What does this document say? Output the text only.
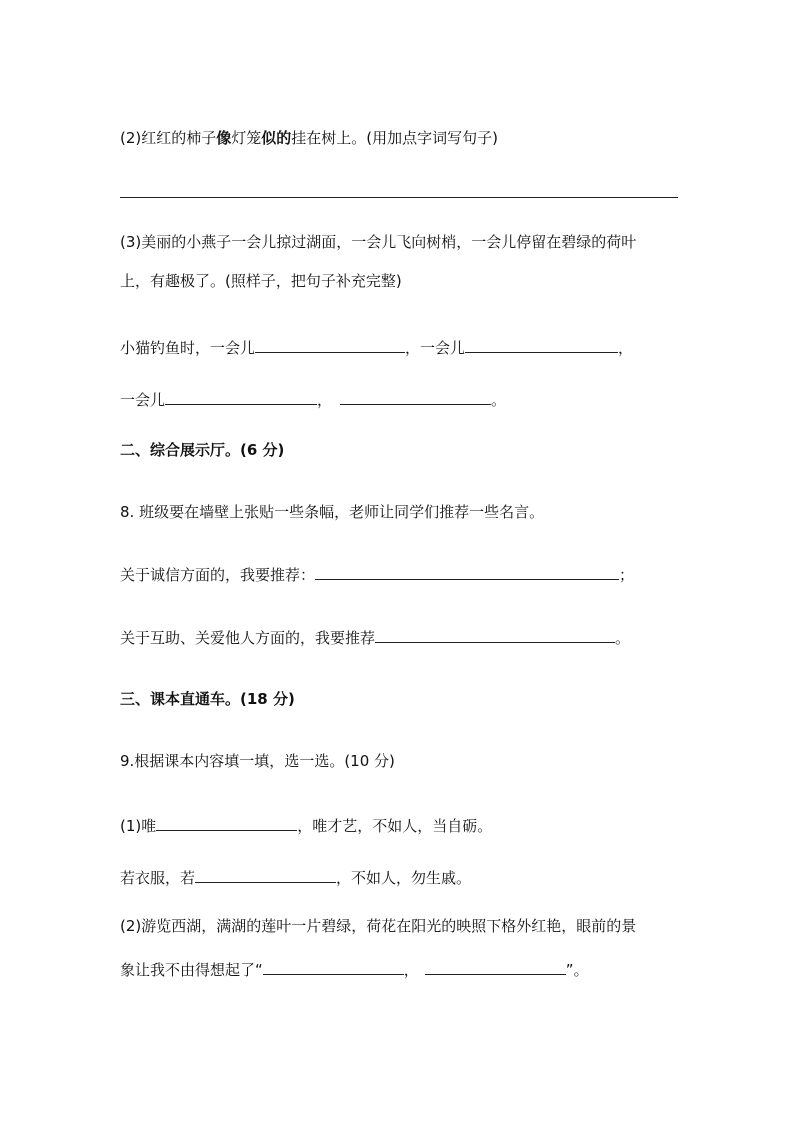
(2)红红的柿子像灯笼似的挂在树上。(用加点字词写句子)
(3)美丽的小燕子一会儿掠过湖面，一会儿飞向树梢，一会儿停留在碧绿的荷叶
上，有趣极了。(照样子，把句子补充完整)
小猫钓鱼时，一会儿	，一会儿	，
一会儿	，	。
二、综合展示厅。(6 分)
8. 班级要在墙壁上张贴一些条幅，老师让同学们推荐一些名言。
关于诚信方面的，我要推荐：	；
关于互助、关爱他人方面的，我要推荐	。
三、课本直通车。(18 分)
9.根据课本内容填一填，选一选。(10 分)
(1)唯	，唯才艺，不如人，当自砺。
若衣服，若	，不如人，勿生戚。
(2)游览西湖，满湖的莲叶一片碧绿，荷花在阳光的映照下格外红艳，眼前的景
象让我不由得想起了“	，	”。
